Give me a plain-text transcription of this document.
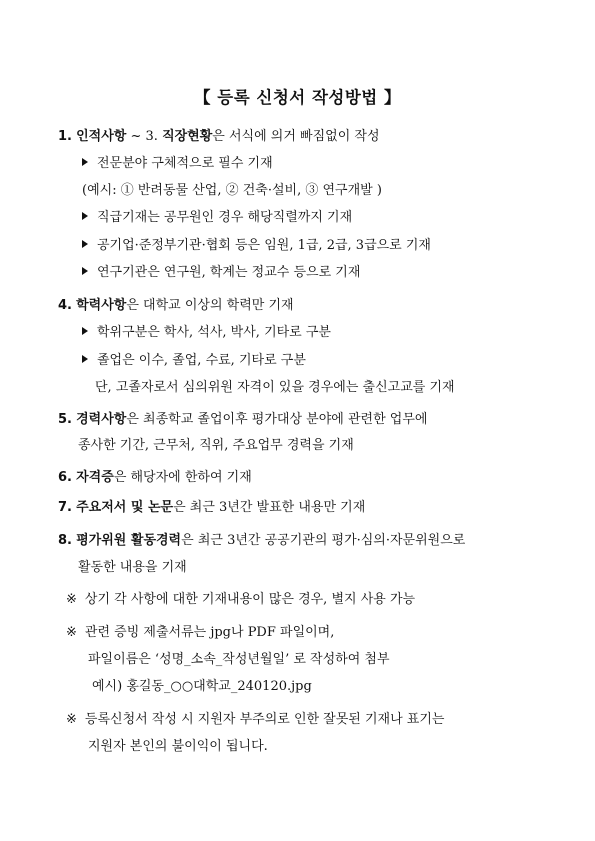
【 등록 신청서 작성방법 】
1. 인적사항 ~ 3. 직장현황은 서식에 의거 빠짐없이 작성
전문분야 구체적으로 필수 기재
(예시: ① 반려동물 산업, ② 건축·설비, ③ 연구개발 )
직급기재는 공무원인 경우 해당직렬까지 기재
공기업·준정부기관·협회 등은 임원, 1급, 2급, 3급으로 기재
연구기관은 연구원, 학계는 정교수 등으로 기재
4. 학력사항은 대학교 이상의 학력만 기재
학위구분은 학사, 석사, 박사, 기타로 구분
졸업은 이수, 졸업, 수료, 기타로 구분
단, 고졸자로서 심의위원 자격이 있을 경우에는 출신고교를 기재
5. 경력사항은 최종학교 졸업이후 평가대상 분야에 관련한 업무에
종사한 기간, 근무처, 직위, 주요업무 경력을 기재
6. 자격증은 해당자에 한하여 기재
7. 주요저서 및 논문은 최근 3년간 발표한 내용만 기재
8. 평가위원 활동경력은 최근 3년간 공공기관의 평가·심의·자문위원으로
활동한 내용을 기재
※ 상기 각 사항에 대한 기재내용이 많은 경우, 별지 사용 가능
※ 관련 증빙 제출서류는 jpg나 PDF 파일이며,
파일이름은 ‘성명_소속_작성년월일’ 로 작성하여 첨부
예시) 홍길동_○○대학교_240120.jpg
※ 등록신청서 작성 시 지원자 부주의로 인한 잘못된 기재나 표기는
지원자 본인의 불이익이 됩니다.
